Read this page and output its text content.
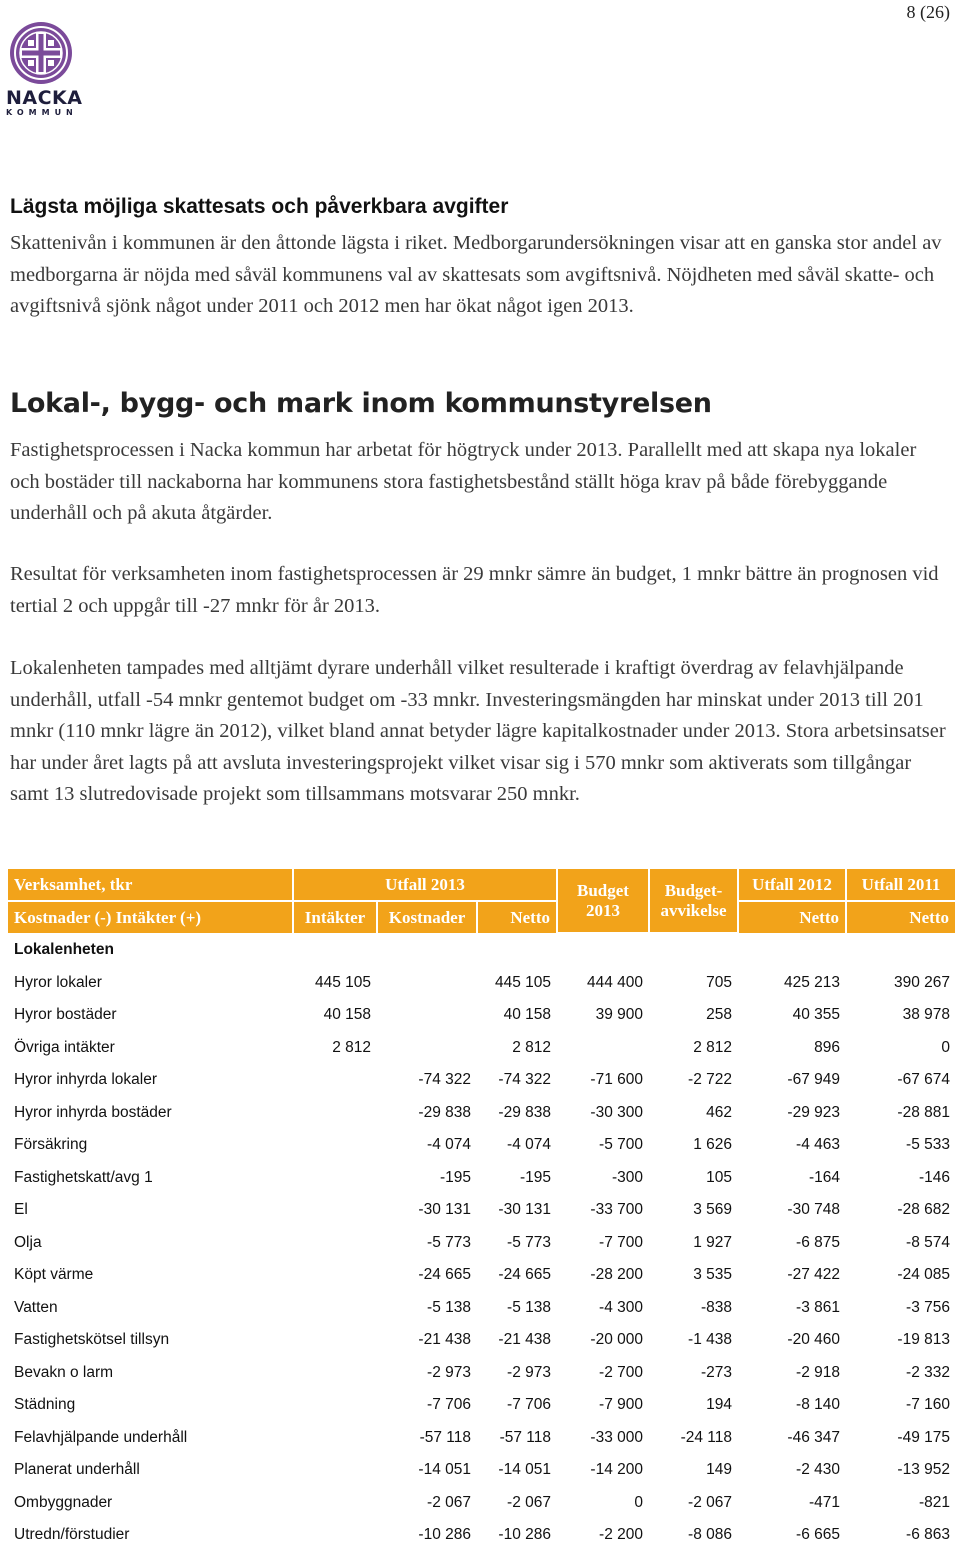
8 (26)
NACKA
KOMMUN
Lägsta möjliga skattesats och påverkbara avgifter

Skattenivån i kommunen är den åttonde lägsta i riket. Medborgarundersökningen visar att en ganska stor andel av medborgarna är nöjda med såväl kommunens val av skattesats som avgiftsnivå. Nöjdheten med såväl skatte- och avgiftsnivå sjönk något under 2011 och 2012 men har ökat något igen 2013.

Lokal-, bygg- och mark inom kommunstyrelsen

Fastighetsprocessen i Nacka kommun har arbetat för högtryck under 2013. Parallellt med att skapa nya lokaler och bostäder till nackaborna har kommunens stora fastighetsbestånd ställt höga krav på både förebyggande underhåll och på akuta åtgärder.

Resultat för verksamheten inom fastighetsprocessen är 29 mnkr sämre än budget, 1 mnkr bättre än prognosen vid tertial 2 och uppgår till -27 mnkr för år 2013.

Lokalenheten tampades med alltjämt dyrare underhåll vilket resulterade i kraftigt överdrag av felavhjälpande underhåll, utfall -54 mnkr gentemot budget om -33 mnkr. Investeringsmängden har minskat under 2013 till 201 mnkr (110 mnkr lägre än 2012), vilket bland annat betyder lägre kapitalkostnader under 2013. Stora arbetsinsatser har under året lagts på att avsluta investeringsprojekt vilket visar sig i 570 mnkr som aktiverats som tillgångar samt 13 slutredovisade projekt som tillsammans motsvarar 250 mnkr.

Verksamhet, tkr	Utfall 2013			Budget 2013	Budget-avvikelse	Utfall 2012	Utfall 2011
Kostnader (-) Intäkter (+)	Intäkter	Kostnader	Netto			Netto	Netto
Lokalenheten							
Hyror lokaler	445 105		445 105	444 400	705	425 213	390 267
Hyror bostäder	40 158		40 158	39 900	258	40 355	38 978
Övriga intäkter	2 812		2 812		2 812	896	0
Hyror inhyrda lokaler		-74 322	-74 322	-71 600	-2 722	-67 949	-67 674
Hyror inhyrda bostäder		-29 838	-29 838	-30 300	462	-29 923	-28 881
Försäkring		-4 074	-4 074	-5 700	1 626	-4 463	-5 533
Fastighetskatt/avg 1		-195	-195	-300	105	-164	-146
El		-30 131	-30 131	-33 700	3 569	-30 748	-28 682
Olja		-5 773	-5 773	-7 700	1 927	-6 875	-8 574
Köpt värme		-24 665	-24 665	-28 200	3 535	-27 422	-24 085
Vatten		-5 138	-5 138	-4 300	-838	-3 861	-3 756
Fastighetskötsel tillsyn		-21 438	-21 438	-20 000	-1 438	-20 460	-19 813
Bevakn o larm		-2 973	-2 973	-2 700	-273	-2 918	-2 332
Städning		-7 706	-7 706	-7 900	194	-8 140	-7 160
Felavhjälpande underhåll		-57 118	-57 118	-33 000	-24 118	-46 347	-49 175
Planerat underhåll		-14 051	-14 051	-14 200	149	-2 430	-13 952
Ombyggnader		-2 067	-2 067	0	-2 067	-471	-821
Utredn/förstudier		-10 286	-10 286	-2 200	-8 086	-6 665	-6 863
